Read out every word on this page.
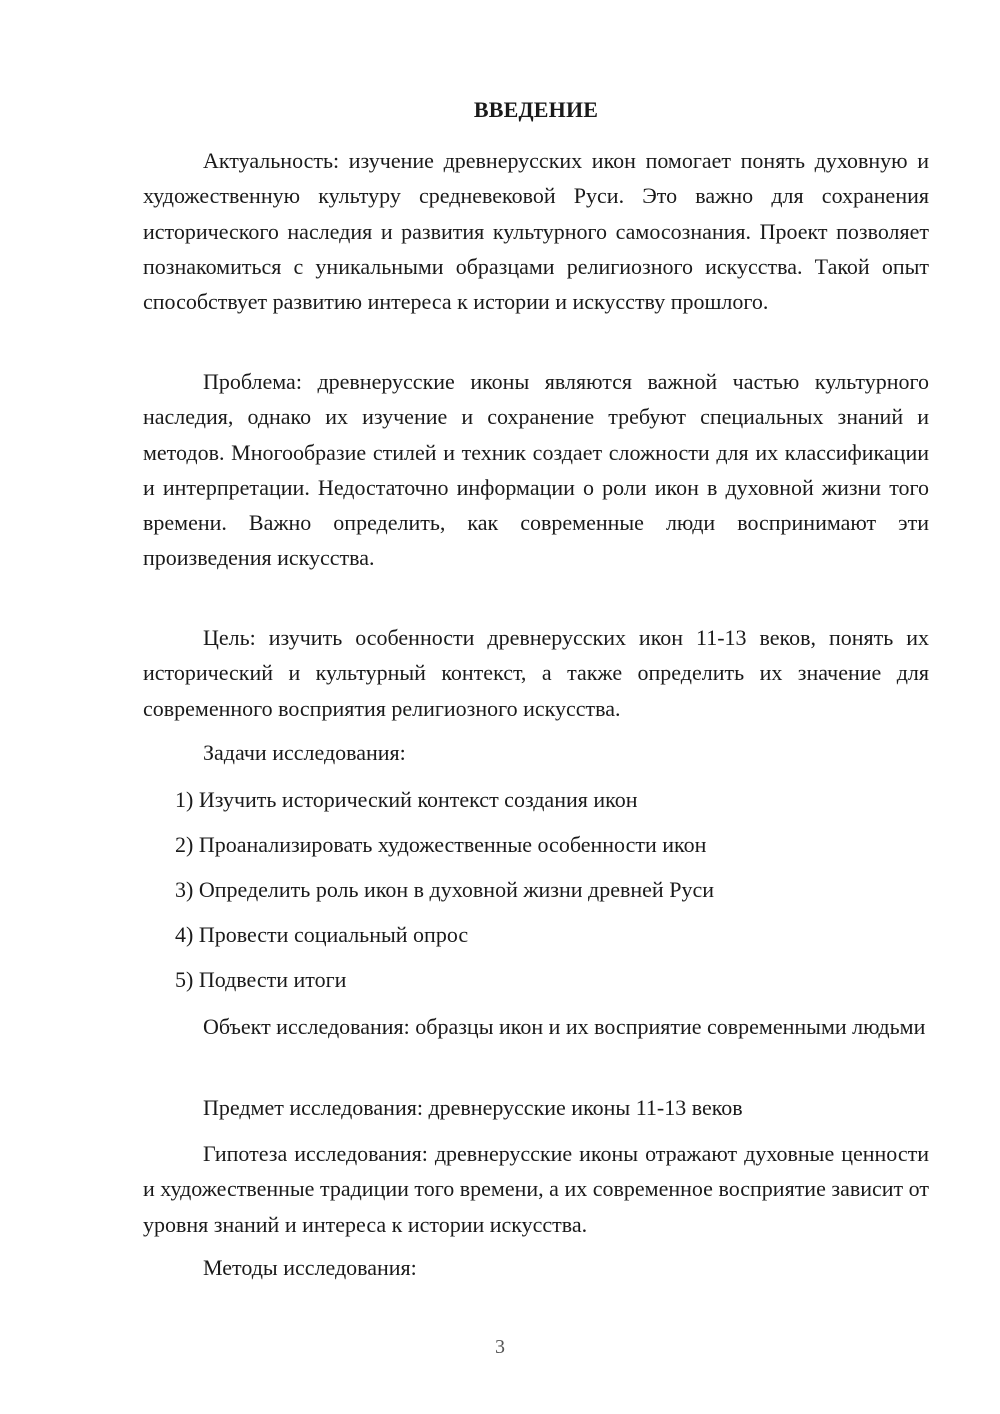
ВВЕДЕНИЕ

Актуальность: изучение древнерусских икон помогает понять духовную и художественную культуру средневековой Руси. Это важно для сохранения исторического наследия и развития культурного самосознания. Проект позволяет познакомиться с уникальными образцами религиозного искусства. Такой опыт способствует развитию интереса к истории и искусству прошлого.

Проблема: древнерусские иконы являются важной частью культурного наследия, однако их изучение и сохранение требуют специальных знаний и методов. Многообразие стилей и техник создает сложности для их классификации и интерпретации. Недостаточно информации о роли икон в духовной жизни того времени. Важно определить, как современные люди воспринимают эти произведения искусства.

Цель: изучить особенности древнерусских икон 11-13 веков, понять их исторический и культурный контекст, а также определить их значение для современного восприятия религиозного искусства.

Задачи исследования:
1) Изучить исторический контекст создания икон
2) Проанализировать художественные особенности икон
3) Определить роль икон в духовной жизни древней Руси
4) Провести социальный опрос
5) Подвести итоги

Объект исследования: образцы икон и их восприятие современными людьми

Предмет исследования: древнерусские иконы 11-13 веков

Гипотеза исследования: древнерусские иконы отражают духовные ценности и художественные традиции того времени, а их современное восприятие зависит от уровня знаний и интереса к истории искусства.

Методы исследования:
3
